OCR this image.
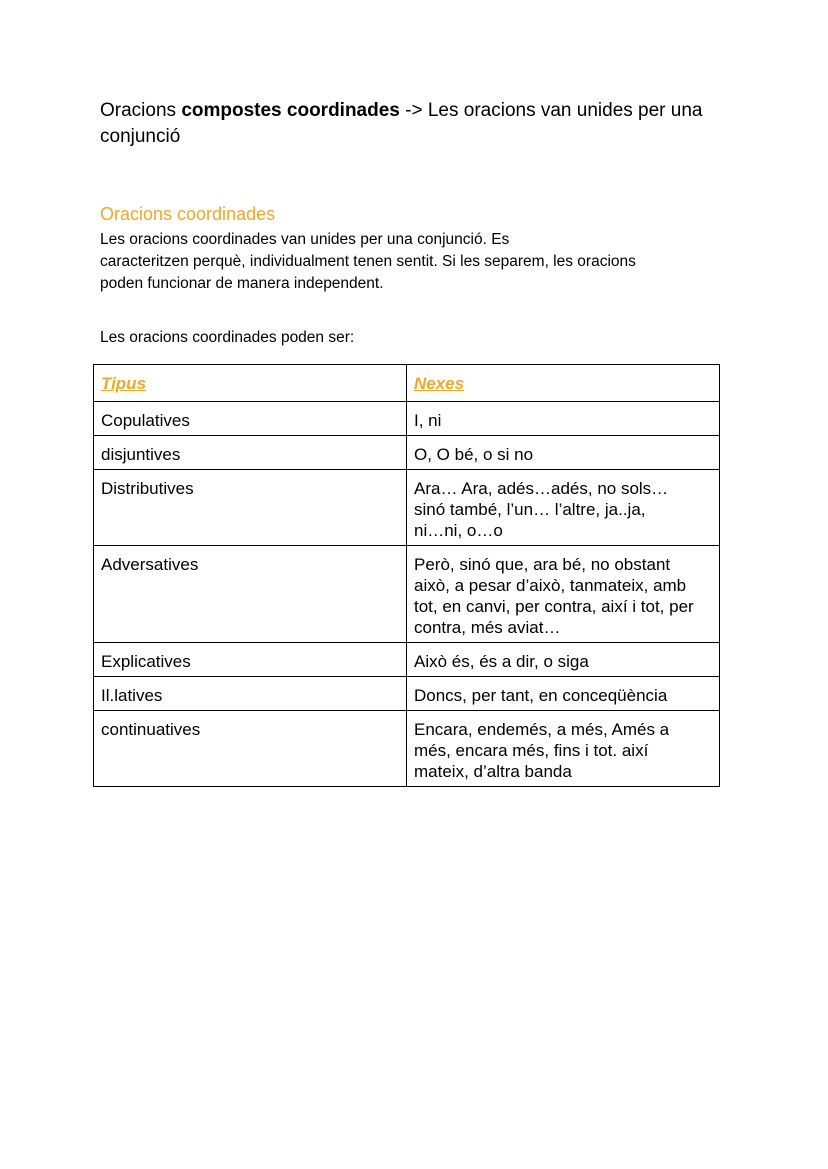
Oracions compostes coordinades -> Les oracions van unides per una
conjunció
Oracions coordinades
Les oracions coordinades van unides per una conjunció. Es
caracteritzen perquè, individualment tenen sentit. Si les separem, les oracions
poden funcionar de manera independent.
Les oracions coordinades poden ser:
Tipus	Nexes
Copulatives	I, ni

disjuntives	O, O bé, o si no

Distributives	Ara… Ara, adés…adés, no sols…
sinó també, l’un… l’altre, ja..ja,
ni…ni, o…o

Adversatives	Però, sinó que, ara bé, no obstant
això, a pesar d’això, tanmateix, amb
tot, en canvi, per contra, així i tot, per
contra, més aviat…

Explicatives	Això és, és a dir, o siga

Il.latives	Doncs, per tant, en conceqüència

continuatives	Encara, endemés, a més, Amés a
més, encara més, fins i tot. així
mateix, d’altra banda
